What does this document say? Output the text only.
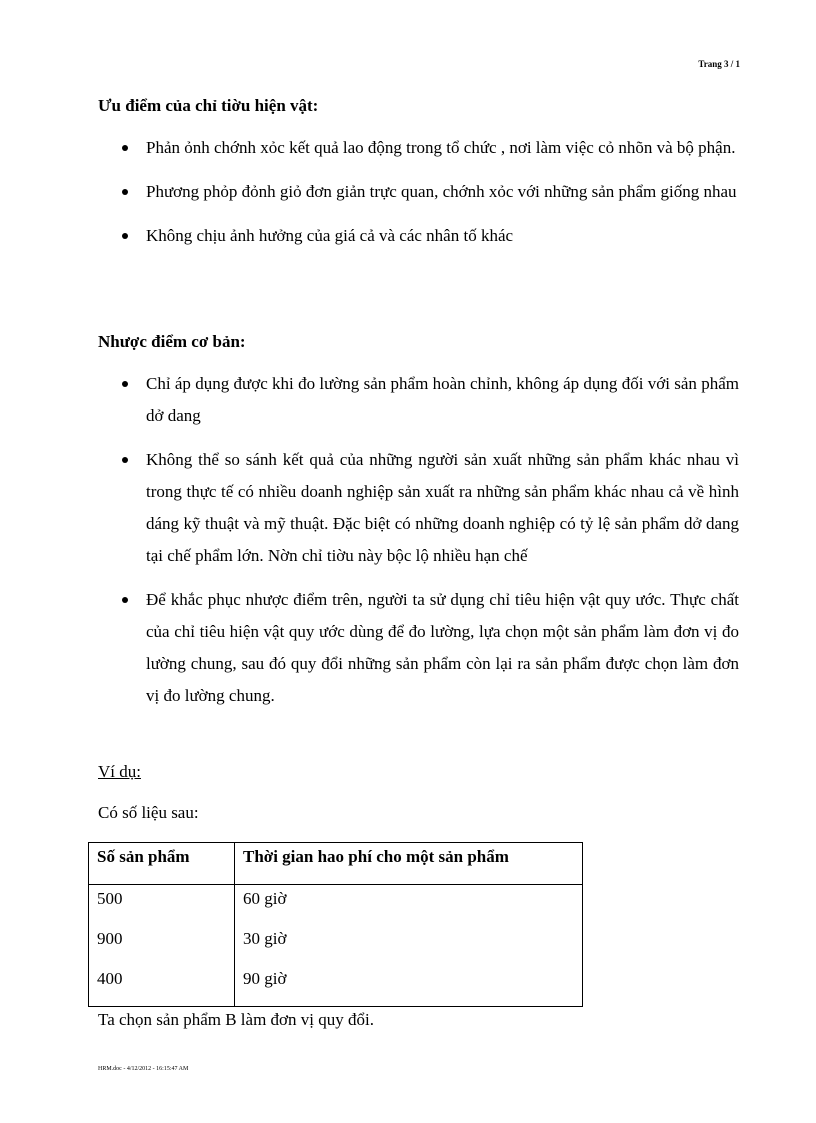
Trang 3 / 1
Ưu điểm của chỉ tiờu hiện vật:
Phản ỏnh chớnh xỏc kết quả lao động trong tổ chức , nơi làm việc cỏ nhõn và bộ phận.
Phương phỏp đỏnh giỏ đơn giản trực quan, chớnh xỏc với những sản phẩm giống nhau
Không chịu ảnh hưởng của giá cả và các nhân tố khác
Nhược điểm cơ bản:
Chỉ áp dụng được khi đo lường sản phẩm hoàn chỉnh, không áp dụng đối với sản phẩm dở dang
Không thể so sánh kết quả của những người sản xuất những sản phẩm khác nhau vì trong thực tế có nhiều doanh nghiệp sản xuất ra những sản phẩm khác nhau cả về hình dáng kỹ thuật và mỹ thuật. Đặc biệt có những doanh nghiệp có tỷ lệ sản phẩm dở dang tại chế phẩm lớn. Nờn chỉ tiờu này bộc lộ nhiều hạn chế
Để khắc phục nhược điểm trên, người ta sử dụng chỉ tiêu hiện vật quy ước. Thực chất của chỉ tiêu hiện vật quy ước dùng để đo lường, lựa chọn một sản phẩm làm đơn vị đo lường chung, sau đó quy đổi những sản phẩm còn lại ra sản phẩm được chọn làm đơn vị đo lường chung.

Ví dụ:

Có số liệu sau:

Số sản phẩm	Thời gian hao phí cho một sản phẩm
500	60 giờ
900	30 giờ
400	90 giờ

Ta chọn sản phẩm B làm đơn vị quy đổi.

HRM.doc - 4/12/2012 - 16:15:47 AM
